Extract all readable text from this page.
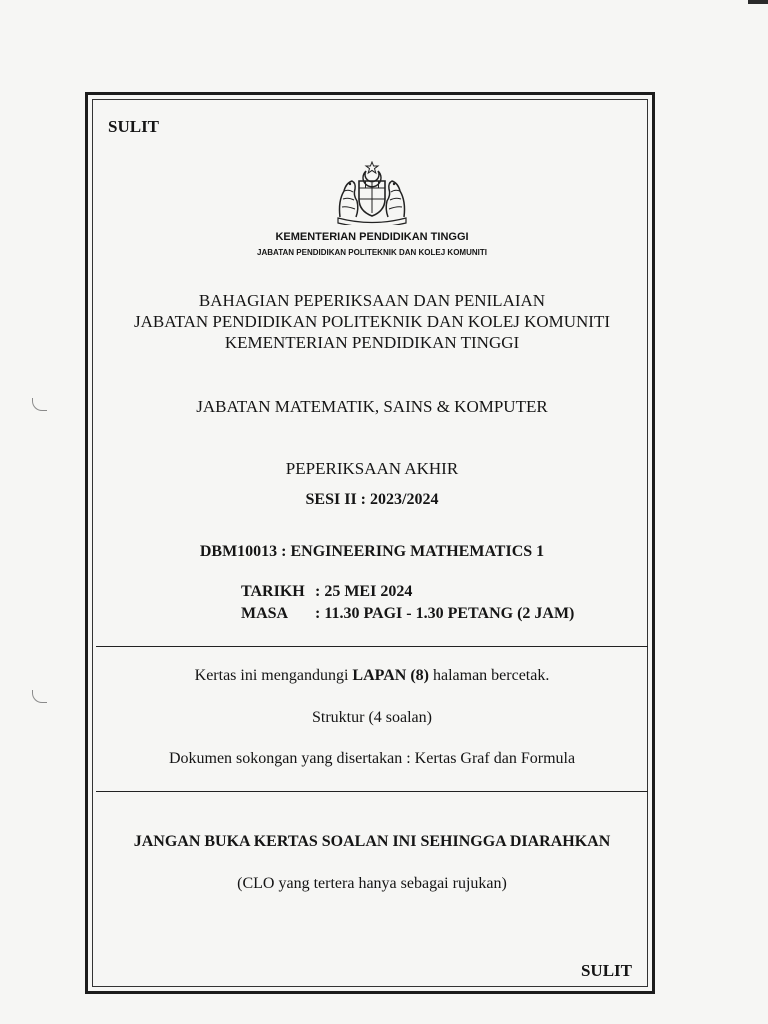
SULIT
KEMENTERIAN PENDIDIKAN TINGGI
JABATAN PENDIDIKAN POLITEKNIK DAN KOLEJ KOMUNITI
BAHAGIAN PEPERIKSAAN DAN PENILAIAN
JABATAN PENDIDIKAN POLITEKNIK DAN KOLEJ KOMUNITI
KEMENTERIAN PENDIDIKAN TINGGI
JABATAN MATEMATIK, SAINS & KOMPUTER
PEPERIKSAAN AKHIR
SESI II : 2023/2024
DBM10013 : ENGINEERING MATHEMATICS 1
TARIKH : 25 MEI 2024
MASA : 11.30 PAGI - 1.30 PETANG (2 JAM)
Kertas ini mengandungi LAPAN (8) halaman bercetak.
Struktur (4 soalan)
Dokumen sokongan yang disertakan : Kertas Graf dan Formula
JANGAN BUKA KERTAS SOALAN INI SEHINGGA DIARAHKAN
(CLO yang tertera hanya sebagai rujukan)
SULIT
